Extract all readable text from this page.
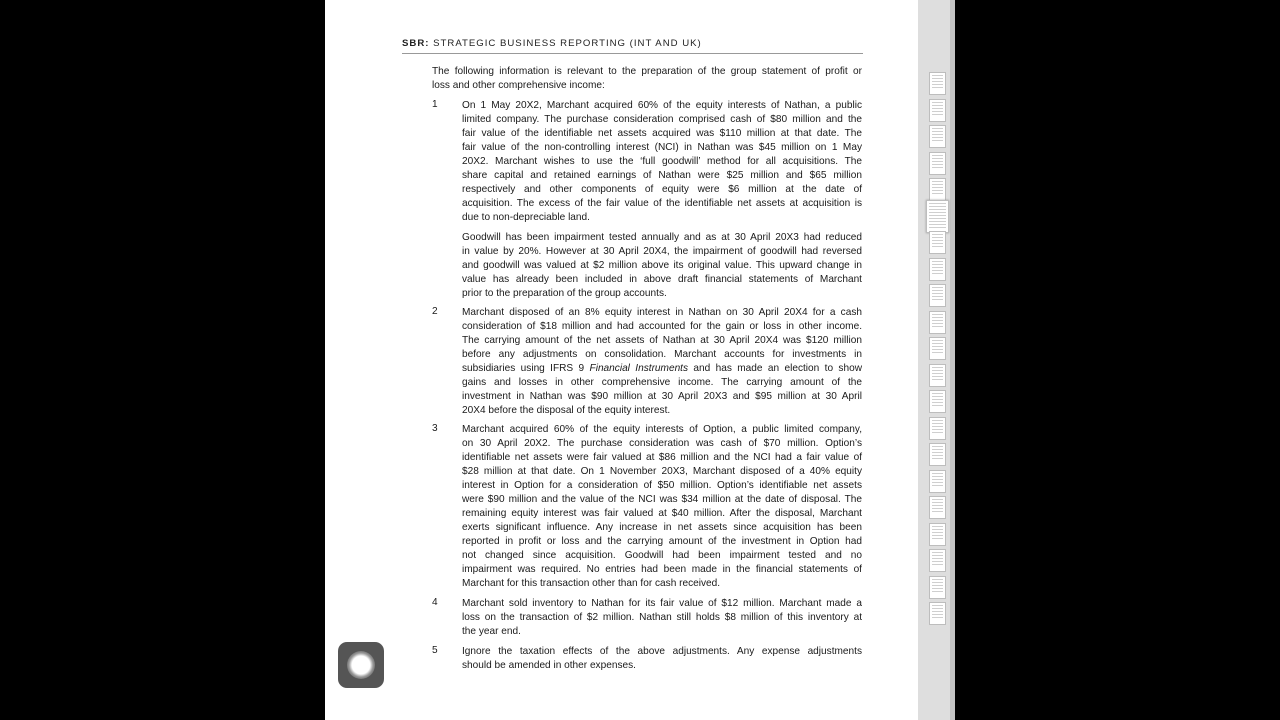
SBR: STRATEGIC BUSINESS REPORTING (INT AND UK)
The following information is relevant to the preparation of the group statement of profit or
loss and other comprehensive income:
1 On 1 May 20X2, Marchant acquired 60% of the equity interests of Nathan, a public
limited company. The purchase consideration comprised cash of $80 million and the
fair value of the identifiable net assets acquired was $110 million at that date. The
fair value of the non-controlling interest (NCI) in Nathan was $45 million on 1 May
20X2. Marchant wishes to use the ‘full goodwill’ method for all acquisitions. The
share capital and retained earnings of Nathan were $25 million and $65 million
respectively and other components of equity were $6 million at the date of
acquisition. The excess of the fair value of the identifiable net assets at acquisition is
due to non-depreciable land.
Goodwill has been impairment tested annually and as at 30 April 20X3 had reduced
in value by 20%. However at 30 April 20X4, the impairment of goodwill had reversed
and goodwill was valued at $2 million above its original value. This upward change in
value has already been included in above draft financial statements of Marchant
prior to the preparation of the group accounts.
2 Marchant disposed of an 8% equity interest in Nathan on 30 April 20X4 for a cash
consideration of $18 million and had accounted for the gain or loss in other income.
The carrying amount of the net assets of Nathan at 30 April 20X4 was $120 million
before any adjustments on consolidation. Marchant accounts for investments in
subsidiaries using IFRS 9 Financial Instruments and has made an election to show
gains and losses in other comprehensive income. The carrying amount of the
investment in Nathan was $90 million at 30 April 20X3 and $95 million at 30 April
20X4 before the disposal of the equity interest.
3 Marchant acquired 60% of the equity interests of Option, a public limited company,
on 30 April 20X2. The purchase consideration was cash of $70 million. Option’s
identifiable net assets were fair valued at $86 million and the NCI had a fair value of
$28 million at that date. On 1 November 20X3, Marchant disposed of a 40% equity
interest in Option for a consideration of $50 million. Option’s identifiable net assets
were $90 million and the value of the NCI was $34 million at the date of disposal. The
remaining equity interest was fair valued at $40 million. After the disposal, Marchant
exerts significant influence. Any increase in net assets since acquisition has been
reported in profit or loss and the carrying amount of the investment in Option had
not changed since acquisition. Goodwill had been impairment tested and no
impairment was required. No entries had been made in the financial statements of
Marchant for this transaction other than for cash received.
4 Marchant sold inventory to Nathan for its fair value of $12 million. Marchant made a
loss on the transaction of $2 million. Nathan still holds $8 million of this inventory at
the year end.
5 Ignore the taxation effects of the above adjustments. Any expense adjustments
should be amended in other expenses.
